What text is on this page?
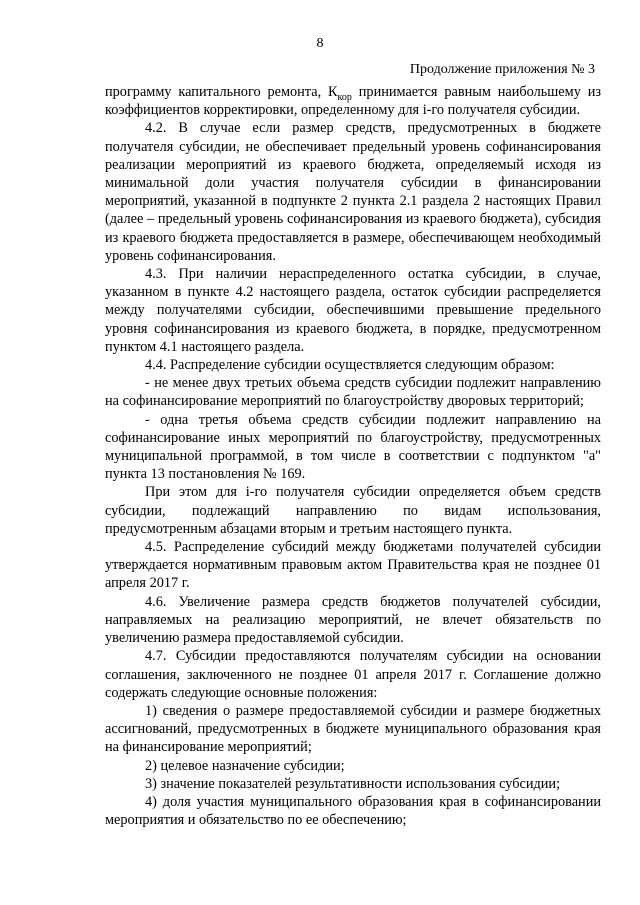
8
Продолжение приложения № 3

программу капитального ремонта, $К_{кор}$ принимается равным наибольшему из коэффициентов корректировки, определенному для i-го получателя субсидии.

4.2. В случае если размер средств, предусмотренных в бюджете получателя субсидии, не обеспечивает предельный уровень софинансирования реализации мероприятий из краевого бюджета, определяемый исходя из минимальной доли участия получателя субсидии в финансировании мероприятий, указанной в подпункте 2 пункта 2.1 раздела 2 настоящих Правил (далее – предельный уровень софинансирования из краевого бюджета), субсидия из краевого бюджета предоставляется в размере, обеспечивающем необходимый уровень софинансирования.

4.3. При наличии нераспределенного остатка субсидии, в случае, указанном в пункте 4.2 настоящего раздела, остаток субсидии распределяется между получателями субсидии, обеспечившими превышение предельного уровня софинансирования из краевого бюджета, в порядке, предусмотренном пунктом 4.1 настоящего раздела.

4.4. Распределение субсидии осуществляется следующим образом:

- не менее двух третьих объема средств субсидии подлежит направлению на софинансирование мероприятий по благоустройству дворовых территорий;

- одна третья объема средств субсидии подлежит направлению на софинансирование иных мероприятий по благоустройству, предусмотренных муниципальной программой, в том числе в соответствии с подпунктом "а" пункта 13 постановления № 169.

При этом для i-го получателя субсидии определяется объем средств субсидии, подлежащий направлению по видам использования, предусмотренным абзацами вторым и третьим настоящего пункта.

4.5. Распределение субсидий между бюджетами получателей субсидии утверждается нормативным правовым актом Правительства края не позднее 01 апреля 2017 г.

4.6. Увеличение размера средств бюджетов получателей субсидии, направляемых на реализацию мероприятий, не влечет обязательств по увеличению размера предоставляемой субсидии.

4.7. Субсидии предоставляются получателям субсидии на основании соглашения, заключенного не позднее 01 апреля 2017 г. Соглашение должно содержать следующие основные положения:

1) сведения о размере предоставляемой субсидии и размере бюджетных ассигнований, предусмотренных в бюджете муниципального образования края на финансирование мероприятий;

2) целевое назначение субсидии;

3) значение показателей результативности использования субсидии;

4) доля участия муниципального образования края в софинансировании мероприятия и обязательство по ее обеспечению;
